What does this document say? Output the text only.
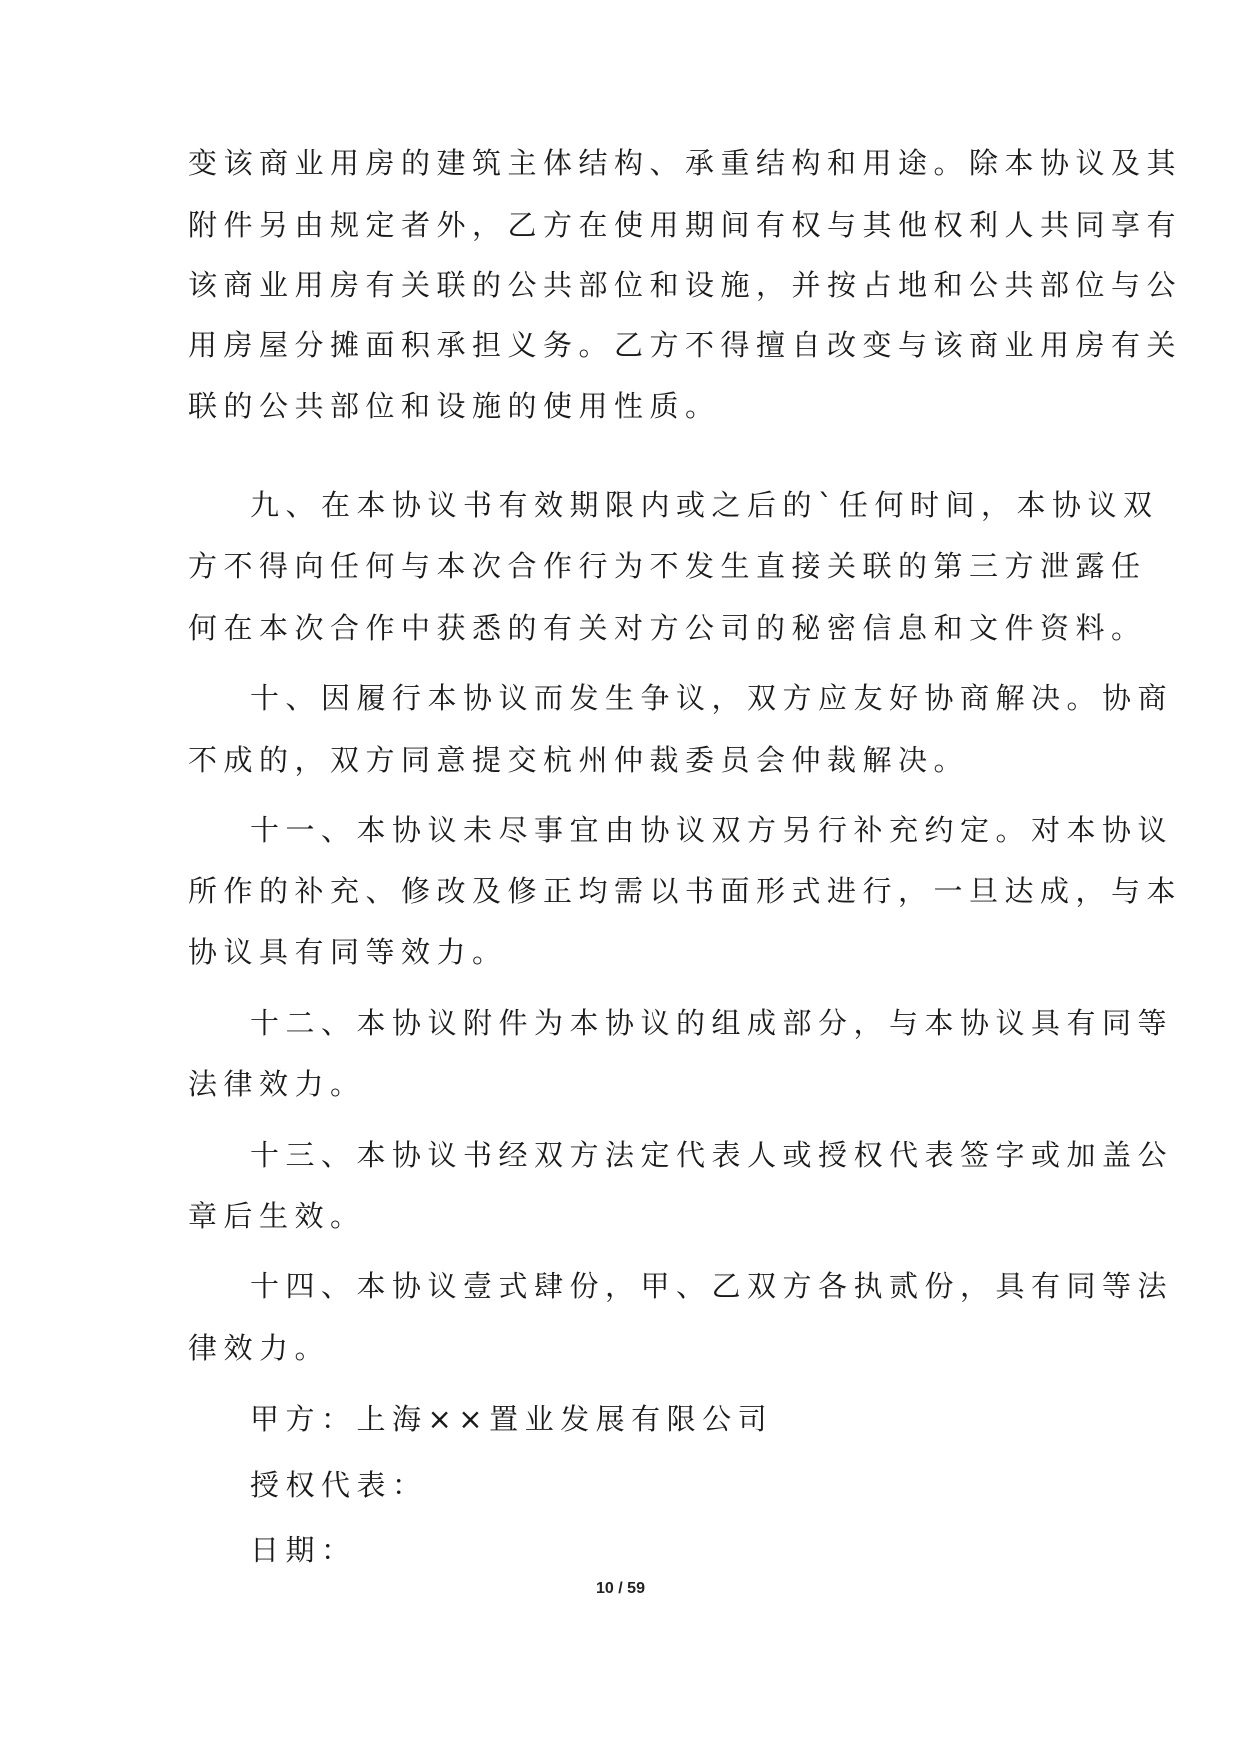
变该商业用房的建筑主体结构、承重结构和用途。除本协议及其
附件另由规定者外，乙方在使用期间有权与其他权利人共同享有
该商业用房有关联的公共部位和设施，并按占地和公共部位与公
用房屋分摊面积承担义务。乙方不得擅自改变与该商业用房有关
联的公共部位和设施的使用性质。
九、在本协议书有效期限内或之后的`任何时间，本协议双
方不得向任何与本次合作行为不发生直接关联的第三方泄露任
何在本次合作中获悉的有关对方公司的秘密信息和文件资料。
十、因履行本协议而发生争议，双方应友好协商解决。协商
不成的，双方同意提交杭州仲裁委员会仲裁解决。
十一、本协议未尽事宜由协议双方另行补充约定。对本协议
所作的补充、修改及修正均需以书面形式进行，一旦达成，与本
协议具有同等效力。
十二、本协议附件为本协议的组成部分，与本协议具有同等
法律效力。
十三、本协议书经双方法定代表人或授权代表签字或加盖公
章后生效。
十四、本协议壹式肆份，甲、乙双方各执贰份，具有同等法
律效力。
甲方：上海××置业发展有限公司
授权代表：
日期：
10 / 59
